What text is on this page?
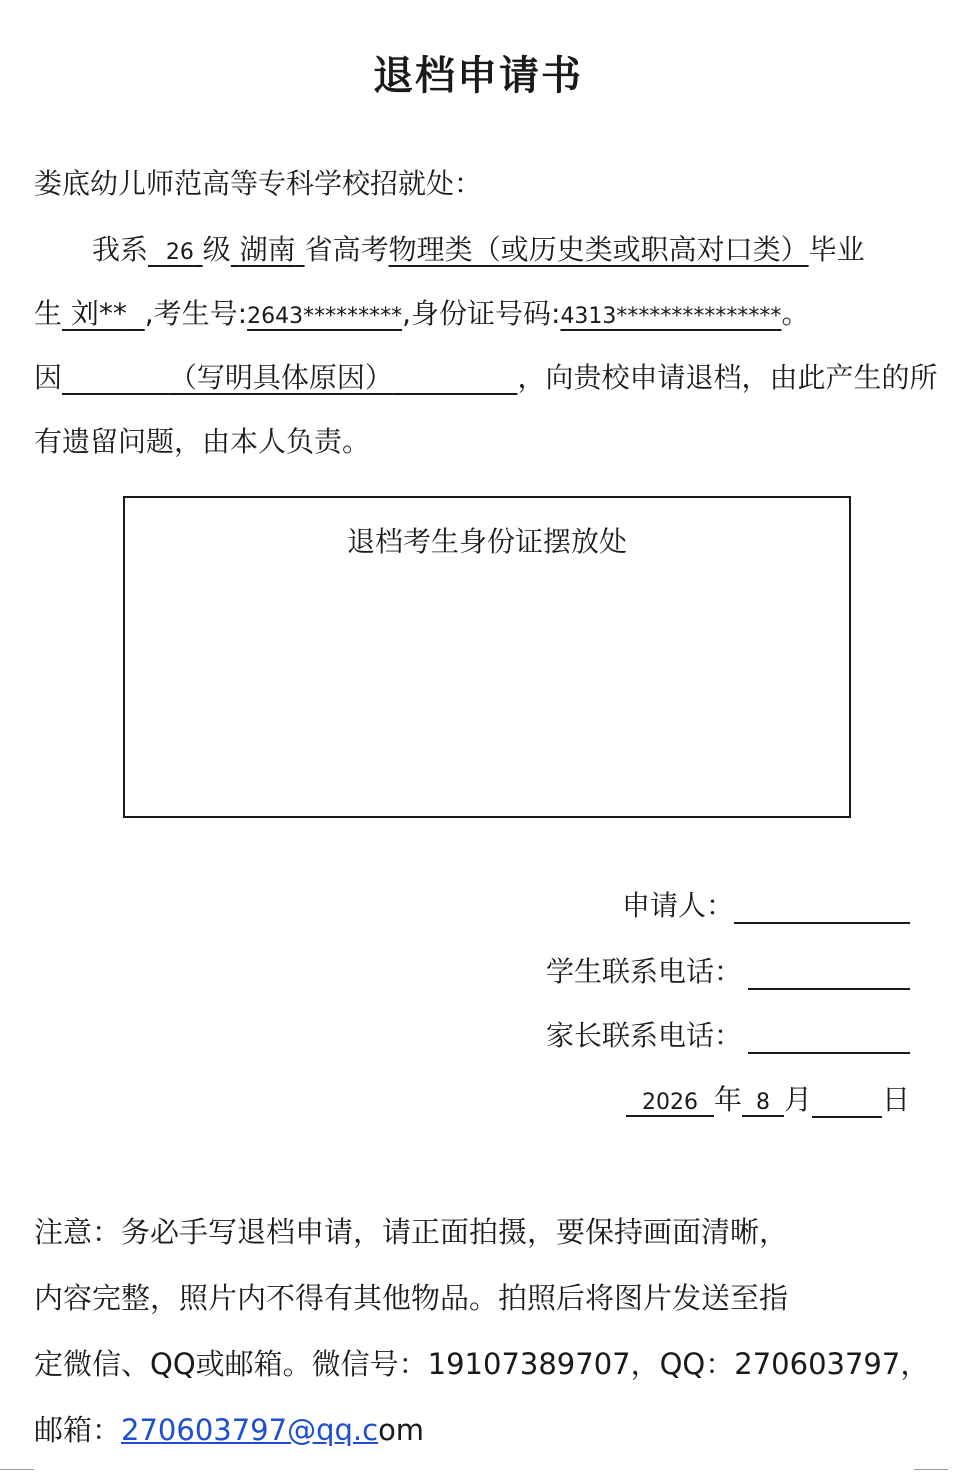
退档申请书
娄底幼儿师范高等专科学校招就处：
我系 26 级 湖南 省高考物理类（或历史类或职高对口类）毕业
生 刘** ,考生号:2643*********,身份证号码:4313***************。
因	（写明具体原因）	，向贵校申请退档，由此产生的所
有遗留问题，由本人负责。
退档考生身份证摆放处
申请人：
学生联系电话：
家长联系电话：
2026 年 8 月	日
注意：务必手写退档申请，请正面拍摄，要保持画面清晰，
内容完整，照片内不得有其他物品。拍照后将图片发送至指
定微信、QQ或邮箱。微信号：19107389707，QQ：270603797，
邮箱：270603797@qq.com
